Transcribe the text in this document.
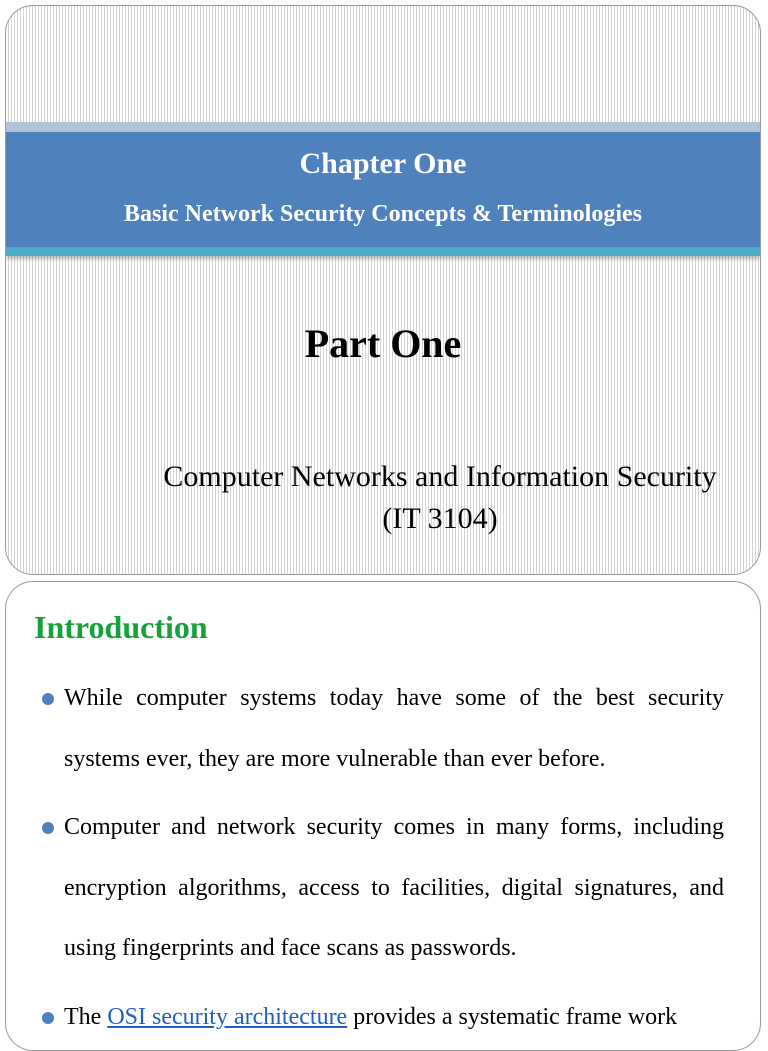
Chapter One
Basic Network Security Concepts & Terminologies
Part One
Computer Networks and Information Security
(IT 3104)
Introduction
While computer systems today have some of the best security systems ever, they are more vulnerable than ever before.
Computer and network security comes in many forms, including encryption algorithms, access to facilities, digital signatures, and using fingerprints and face scans as passwords.
The OSI security architecture provides a systematic frame work
